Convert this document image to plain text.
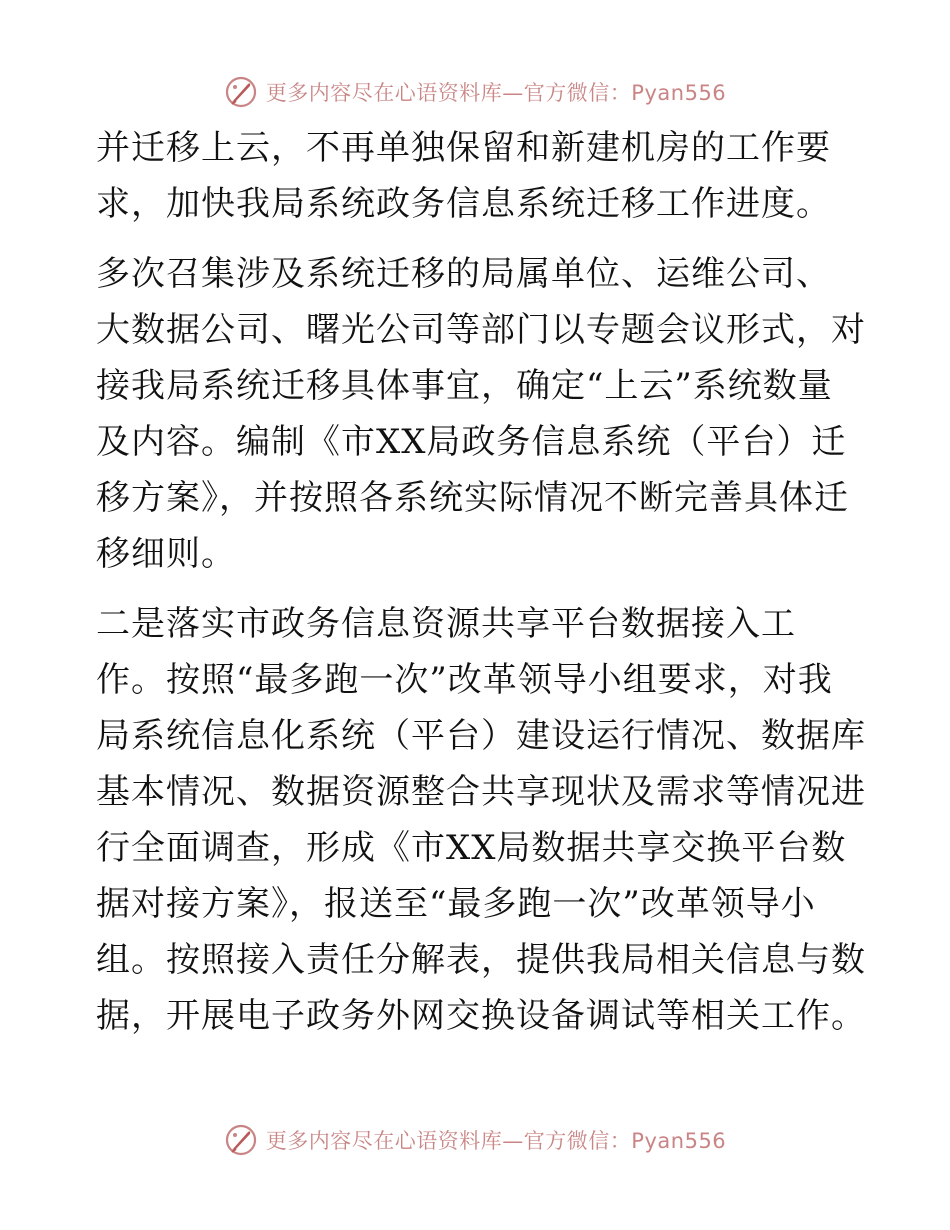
更多内容尽在心语资料库—官方微信：Pyan556
并迁移上云，不再单独保留和新建机房的工作要
求，加快我局系统政务信息系统迁移工作进度。
多次召集涉及系统迁移的局属单位、运维公司、
大数据公司、曙光公司等部门以专题会议形式，对
接我局系统迁移具体事宜，确定“上云”系统数量
及内容。编制《市XX局政务信息系统（平台）迁
移方案》，并按照各系统实际情况不断完善具体迁
移细则。
二是落实市政务信息资源共享平台数据接入工
作。按照“最多跑一次”改革领导小组要求，对我
局系统信息化系统（平台）建设运行情况、数据库
基本情况、数据资源整合共享现状及需求等情况进
行全面调查，形成《市XX局数据共享交换平台数
据对接方案》，报送至“最多跑一次”改革领导小
组。按照接入责任分解表，提供我局相关信息与数
据，开展电子政务外网交换设备调试等相关工作。
更多内容尽在心语资料库—官方微信：Pyan556
